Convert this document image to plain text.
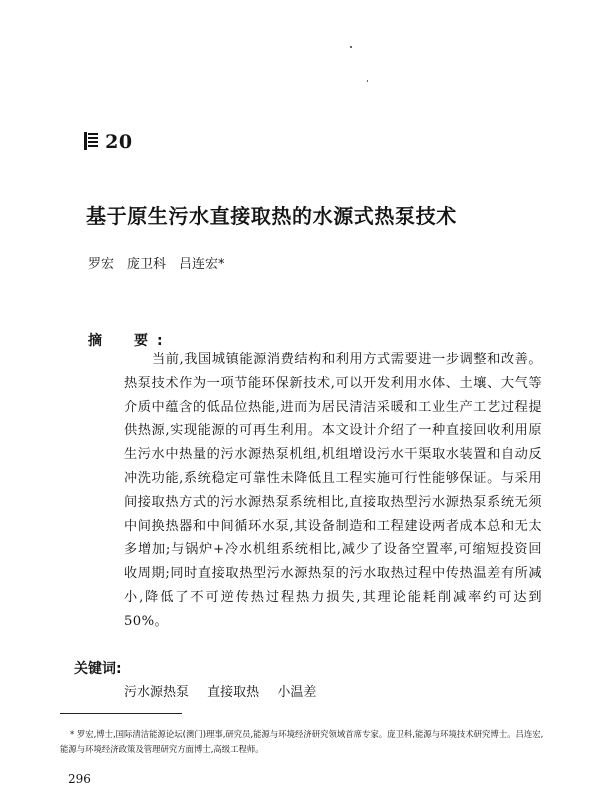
20
基于原生污水直接取热的水源式热泵技术
罗宏　庞卫科　吕连宏*
摘　要:
当前,我国城镇能源消费结构和利用方式需要进一步调整和改善。热泵技术作为一项节能环保新技术,可以开发利用水体、土壤、大气等介质中蕴含的低品位热能,进而为居民清洁采暖和工业生产工艺过程提供热源,实现能源的可再生利用。本文设计介绍了一种直接回收利用原生污水中热量的污水源热泵机组,机组增设污水干渠取水装置和自动反冲洗功能,系统稳定可靠性未降低且工程实施可行性能够保证。与采用间接取热方式的污水源热泵系统相比,直接取热型污水源热泵系统无须中间换热器和中间循环水泵,其设备制造和工程建设两者成本总和无太多增加;与锅炉+冷水机组系统相比,减少了设备空置率,可缩短投资回收周期;同时直接取热型污水源热泵的污水取热过程中传热温差有所减小,降低了不可逆传热过程热力损失,其理论能耗削减率约可达到50%。
关键词:
污水源热泵 直接取热 小温差
* 罗宏,博士,国际清洁能源论坛(澳门)理事,研究员,能源与环境经济研究领域首席专家。庞卫科,能源与环境技术研究博士。吕连宏,能源与环境经济政策及管理研究方面博士,高级工程师。
296
